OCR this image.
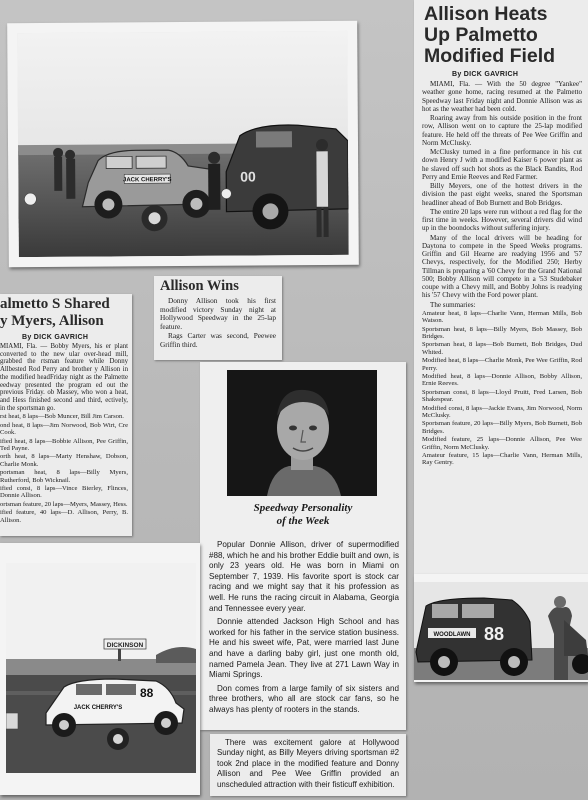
JACK CHERRY'S	00
Allison Heats
Up Palmetto
Modified Field
By DICK GAVRICH

MIAMI, Fla. — With the 50 degree "Yankee" weather gone home, racing resumed at the Palmetto Speedway last Friday night and Donnie Allison was as hot as the weather had been cold.

Roaring away from his outside position in the front row, Allison went on to capture the 25-lap modified feature. He held off the threats of Pee Wee Griffin and Norm McClusky.

McClusky turned in a fine performance in his cut down Henry J with a modified Kaiser 6 power plant as he slaved off such hot shots as the Black Bandits, Rod Perry and Ernie Reeves and Red Farmer.

Billy Meyers, one of the hottest drivers in the division the past eight weeks, snared the Sportsman headliner ahead of Bob Burnett and Bob Bridges.

The entire 20 laps were run without a red flag for the first time in weeks. However, several drivers did wind up in the boondocks without suffering injury.

Many of the local drivers will be heading for Daytona to compete in the Speed Weeks programs. Griffin and Gil Hearne are readying 1956 and '57 Chevys, respectively, for the Modified 250; Herby Tillman is preparing a '60 Chevy for the Grand National 500; Bobby Allison will compete in a '53 Studebaker coupe with a Chevy mill, and Bobby Johns is readying his '57 Chevy with the Ford power plant.

The summaries:

Amateur heat, 8 laps—Charlie Vann, Herman Mills, Bob Watson.

Sportsman heat, 8 laps—Billy Myers, Bob Massey, Bob Bridges.

Sportsman heat, 8 laps—Bob Burnett, Bob Bridges, Dud Whited.

Modified heat, 8 laps—Charlie Monk, Pee Wee Griffin, Rod Perry.

Modified heat, 8 laps—Donnie Allison, Bobby Allison, Ernie Reeves.

Sportsman consi, 8 laps—Lloyd Pruitt, Fred Larsen, Bob Shakespear.

Modified consi, 8 laps—Jackie Evans, Jim Norwood, Norm McClusky.

Sportsman feature, 20 laps—Billy Myers, Bob Burnett, Bob Bridges.

Modified feature, 25 laps—Donnie Allison, Pee Wee Griffin, Norm McClusky.

Amateur feature, 15 laps—Charlie Vann, Herman Mills, Ray Gentry.

Allison Wins

Donny Allison took his first modified victory Sunday night at Hollywood Speedway in the 25-lap feature.

Rags Carter was second, Peewee Griffin third.

almetto S Shared
y Myers, Allison
By DICK GAVRICH

MIAMI, Fla. — Bobby Myers, his er plant converted to the new ular over-head mill, grabbed the rtsman feature while Donny Allbested Rod Perry and brother y Allison in the modified headFriday night as the Palmette eedway presented the program ed out the previous Friday. ob Massey, who won a heat, and Hess finished second and third, ectively, in the sportsman go.

rst heat, 8 laps—Bob Muncer, Bill Jim Carson.

ond heat, 8 laps—Jim Norwood, Bob Wirt, Cre Cook.

ified heat, 8 laps—Bobbie Allison, Pee Griffin, Ted Payne.

orth heat, 8 laps—Marty Henshaw, Dobson, Charlie Monk.

portsman heat, 8 laps—Billy Myers, Rutherford, Bob Wicknail.

ified consi, 8 laps—Vince Bierley, Flinces, Donnie Allison.

ortsman feature, 20 laps—Myers, Massey, Hess.

ified feature, 40 laps—D. Allison, Perry, B. Allison.

Speedway Personality
of the Week

Popular Donnie Allison, driver of supermodified #88, which he and his brother Eddie built and own, is only 23 years old. He was born in Miami on September 7, 1939. His favorite sport is stock car racing and we might say that it his profession as well. He runs the racing circuit in Alabama, Georgia and Tennessee every year.

Donnie attended Jackson High School and has worked for his father in the service station business. He and his sweet wife, Pat, were married last June and have a darling baby girl, just one month old, named Pamela Jean. They live at 271 Lawn Way in Miami Springs.

Don comes from a large family of six sisters and three brothers, who all are stock car fans, so he always has plenty of rooters in the stands.

There was excitement galore at Hollywood Sunday night, as Billy Meyers driving sportsman #2 took 2nd place in the modified feature and Donny Allison and Pee Wee Griffin provided an unscheduled attraction with their fisticuff exhibition.

DICKINSON
JACK CHERRY'S
88
WOODLAWN 88
